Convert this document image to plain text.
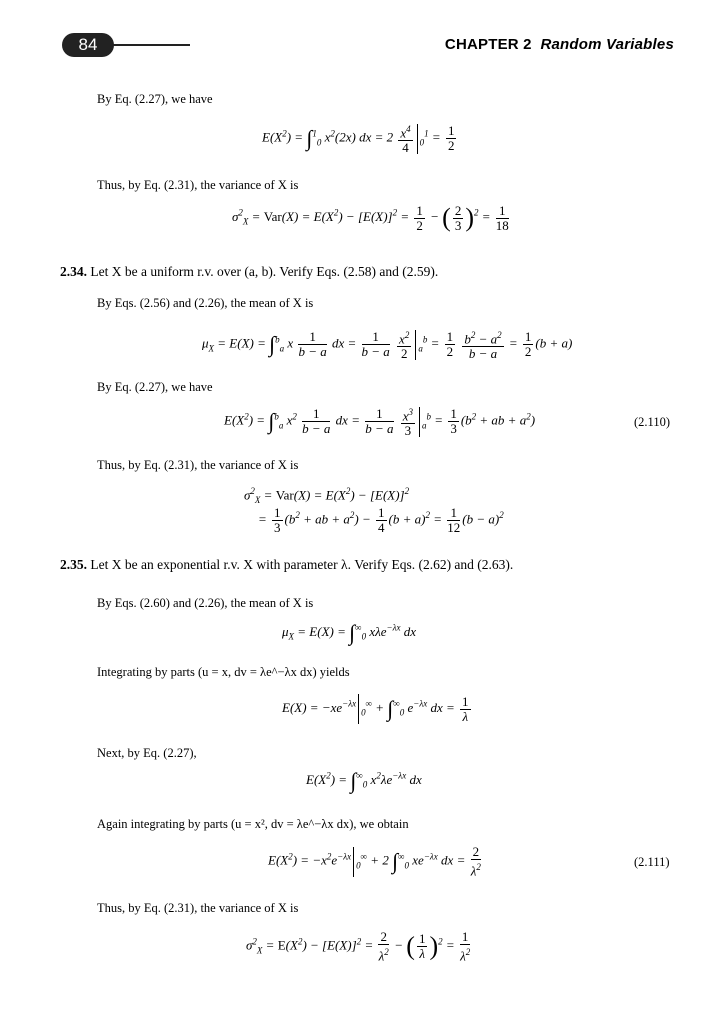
84	CHAPTER 2 Random Variables
By Eq. (2.27), we have
$E(X^2) = \int^1_0$ $x^2(2x)$ dx = $2 \frac{x^4}{4} _0^1 = \frac{1}{2}$
Thus, by Eq. (2.31), the variance of X is
$\sigma^2_X = Var(X) = E(X^2) - [E(X)]^2 = \frac{1}{2}$ − ( $\frac{2}{3} )^2 = \frac{1}{18}$
2.34. Let X be a uniform r.v. over (a, b). Verify Eqs. (2.58) and (2.59).
By Eqs. (2.56) and (2.26), the mean of X is
$\mu_X = E(X) = \int^b_a$ x $\frac{1}{b - a}$ dx = $\frac{1}{b - a}$
$\frac{x^2}{2} _a^b = \frac{1}{2}$
$\frac{b^2 - a^2}{b - a} = \frac{1}{2} (b + a)$
By Eq. (2.27), we have
$E(X^2) = \int^b_a$ $x^2 \frac{1}{b - a}$ dx = $\frac{1}{b - a}$
$\frac{x^3}{3} _a^b = \frac{1}{3} (b^2$ + ab + $a^2$)	(2.110)
Thus, by Eq. (2.31), the variance of X is
$\sigma^2_X = Var(X) = E(X^2) - [E(X)]^2$
= $\frac{1}{3} (b^2$ + ab + $a^2) - \frac{1}{4} (b + a)^2 = \frac{1}{12} (b - a)^2$
2.35. Let X be an exponential r.v. X with parameter λ. Verify Eqs. (2.62) and (2.63).
By Eqs. (2.60) and (2.26), the mean of X is
$\mu_X = E(X) = \int^\infty_0$ xλe$^{-\lambda x}$ dx
Integrating by parts (u = x, dv = λe^−λx dx) yields
$E(X) = -xe^{-\lambda x}_0^\infty + \int^\infty_0$ $e^{-\lambda x}$ dx = $\frac{1}{\lambda}$
Next, by Eq. (2.27),
$E(X^2) = \int^\infty_0$ $x^2\lambda e^{-\lambda x}$ dx
Again integrating by parts (u = x², dv = λe^−λx dx), we obtain
$E(X^2) = -x^2e^{-\lambda x}_0^\infty + 2$ $\int^\infty_0$ $xe^{-\lambda x}$ dx = $\frac{2}{\lambda^2}$	(2.111)
Thus, by Eq. (2.31), the variance of X is
$\sigma^2_X = E(X^2) - [E(X)]^2 = \frac{2}{\lambda^2}$ − ( $\frac{1}{\lambda} )^2 = \frac{1}{\lambda^2}$
